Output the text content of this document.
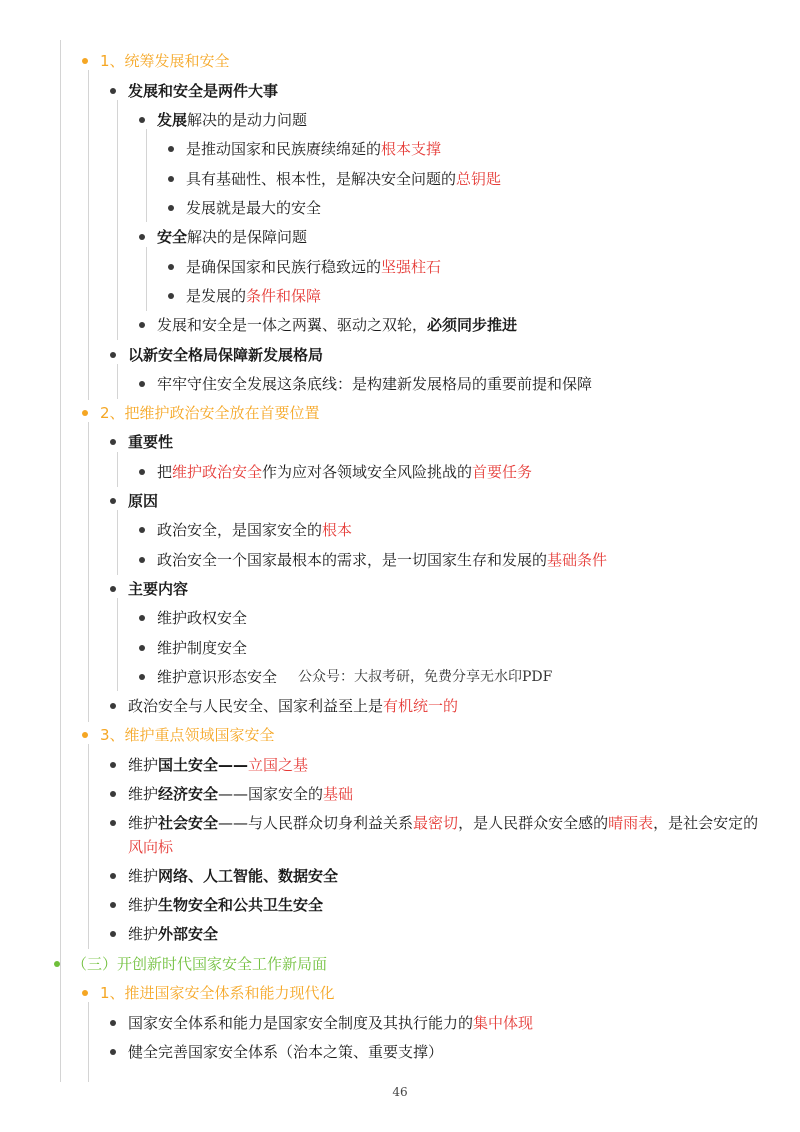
1、统筹发展和安全
发展和安全是两件大事
发展解决的是动力问题
是推动国家和民族赓续绵延的根本支撑
具有基础性、根本性，是解决安全问题的总钥匙
发展就是最大的安全
安全解决的是保障问题
是确保国家和民族行稳致远的坚强柱石
是发展的条件和保障
发展和安全是一体之两翼、驱动之双轮，必须同步推进
以新安全格局保障新发展格局
牢牢守住安全发展这条底线：是构建新发展格局的重要前提和保障
2、把维护政治安全放在首要位置
重要性
把维护政治安全作为应对各领域安全风险挑战的首要任务
原因
政治安全，是国家安全的根本
政治安全一个国家最根本的需求，是一切国家生存和发展的基础条件
主要内容
维护政权安全
维护制度安全
维护意识形态安全
政治安全与人民安全、国家利益至上是有机统一的
3、维护重点领域国家安全
维护国土安全——立国之基
维护经济安全——国家安全的基础
维护社会安全——与人民群众切身利益关系最密切，是人民群众安全感的晴雨表，是社会安定的风向标
维护网络、人工智能、数据安全
维护生物安全和公共卫生安全
维护外部安全
（三）开创新时代国家安全工作新局面
1、推进国家安全体系和能力现代化
国家安全体系和能力是国家安全制度及其执行能力的集中体现
健全完善国家安全体系（治本之策、重要支撑）
公众号：大叔考研，免费分享无水印PDF
46
